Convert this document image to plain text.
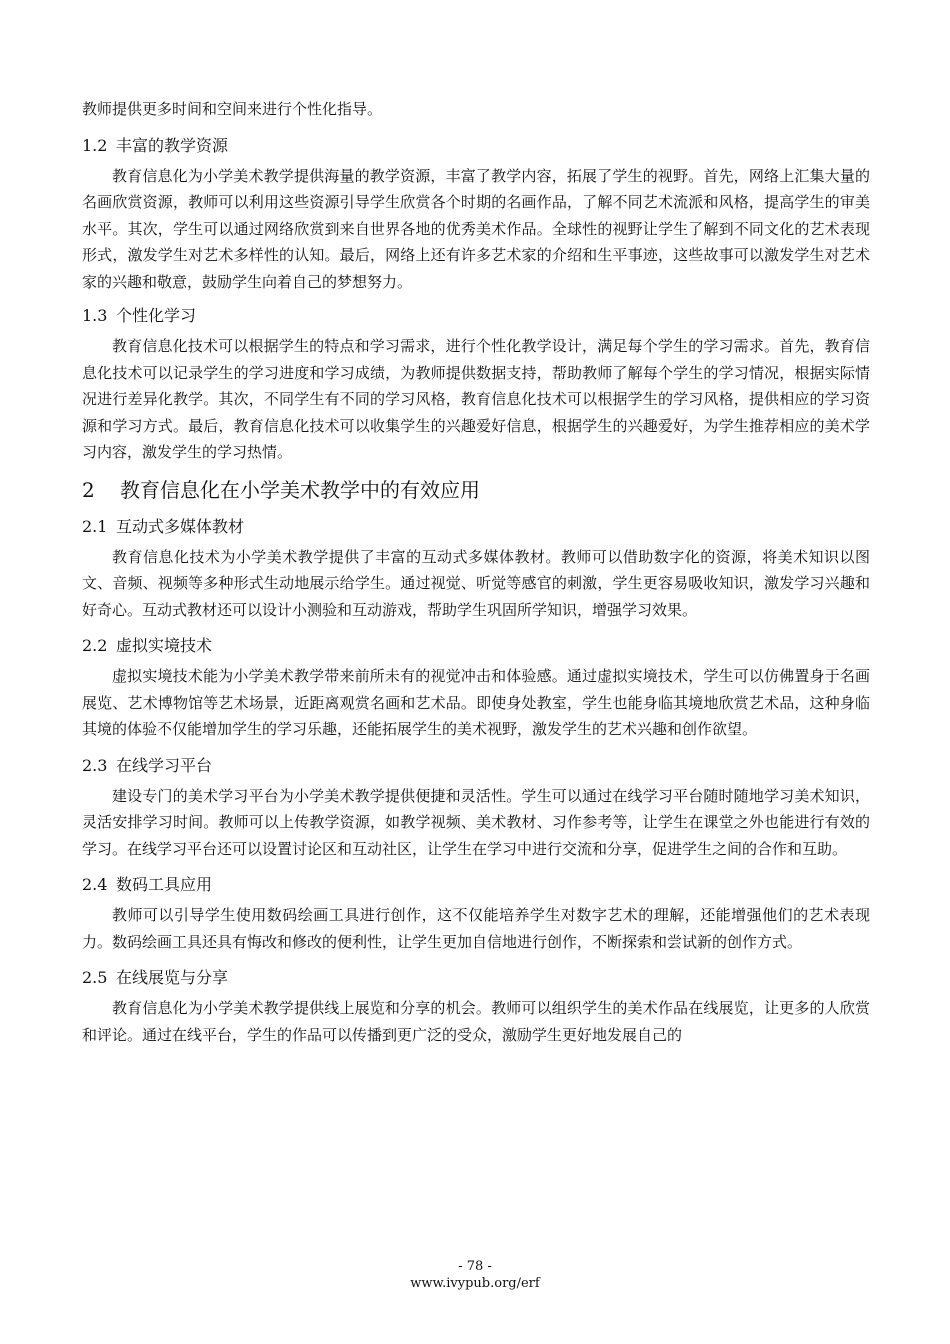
教师提供更多时间和空间来进行个性化指导。

1.2 丰富的教学资源

教育信息化为小学美术教学提供海量的教学资源，丰富了教学内容，拓展了学生的视野。首先，网络上汇集大量的名画欣赏资源，教师可以利用这些资源引导学生欣赏各个时期的名画作品，了解不同艺术流派和风格，提高学生的审美水平。其次，学生可以通过网络欣赏到来自世界各地的优秀美术作品。全球性的视野让学生了解到不同文化的艺术表现形式，激发学生对艺术多样性的认知。最后，网络上还有许多艺术家的介绍和生平事迹，这些故事可以激发学生对艺术家的兴趣和敬意，鼓励学生向着自己的梦想努力。

1.3 个性化学习

教育信息化技术可以根据学生的特点和学习需求，进行个性化教学设计，满足每个学生的学习需求。首先，教育信息化技术可以记录学生的学习进度和学习成绩，为教师提供数据支持，帮助教师了解每个学生的学习情况，根据实际情况进行差异化教学。其次，不同学生有不同的学习风格，教育信息化技术可以根据学生的学习风格，提供相应的学习资源和学习方式。最后，教育信息化技术可以收集学生的兴趣爱好信息，根据学生的兴趣爱好，为学生推荐相应的美术学习内容，激发学生的学习热情。

2 教育信息化在小学美术教学中的有效应用
2.1 互动式多媒体教材

教育信息化技术为小学美术教学提供了丰富的互动式多媒体教材。教师可以借助数字化的资源，将美术知识以图文、音频、视频等多种形式生动地展示给学生。通过视觉、听觉等感官的刺激，学生更容易吸收知识，激发学习兴趣和好奇心。互动式教材还可以设计小测验和互动游戏，帮助学生巩固所学知识，增强学习效果。

2.2 虚拟实境技术

虚拟实境技术能为小学美术教学带来前所未有的视觉冲击和体验感。通过虚拟实境技术，学生可以仿佛置身于名画展览、艺术博物馆等艺术场景，近距离观赏名画和艺术品。即使身处教室，学生也能身临其境地欣赏艺术品，这种身临其境的体验不仅能增加学生的学习乐趣，还能拓展学生的美术视野，激发学生的艺术兴趣和创作欲望。

2.3 在线学习平台

建设专门的美术学习平台为小学美术教学提供便捷和灵活性。学生可以通过在线学习平台随时随地学习美术知识，灵活安排学习时间。教师可以上传教学资源，如教学视频、美术教材、习作参考等，让学生在课堂之外也能进行有效的学习。在线学习平台还可以设置讨论区和互动社区，让学生在学习中进行交流和分享，促进学生之间的合作和互助。

2.4 数码工具应用

教师可以引导学生使用数码绘画工具进行创作，这不仅能培养学生对数字艺术的理解，还能增强他们的艺术表现力。数码绘画工具还具有悔改和修改的便利性，让学生更加自信地进行创作，不断探索和尝试新的创作方式。

2.5 在线展览与分享

教育信息化为小学美术教学提供线上展览和分享的机会。教师可以组织学生的美术作品在线展览，让更多的人欣赏和评论。通过在线平台，学生的作品可以传播到更广泛的受众，激励学生更好地发展自己的

- 78 -
www.ivypub.org/erf
